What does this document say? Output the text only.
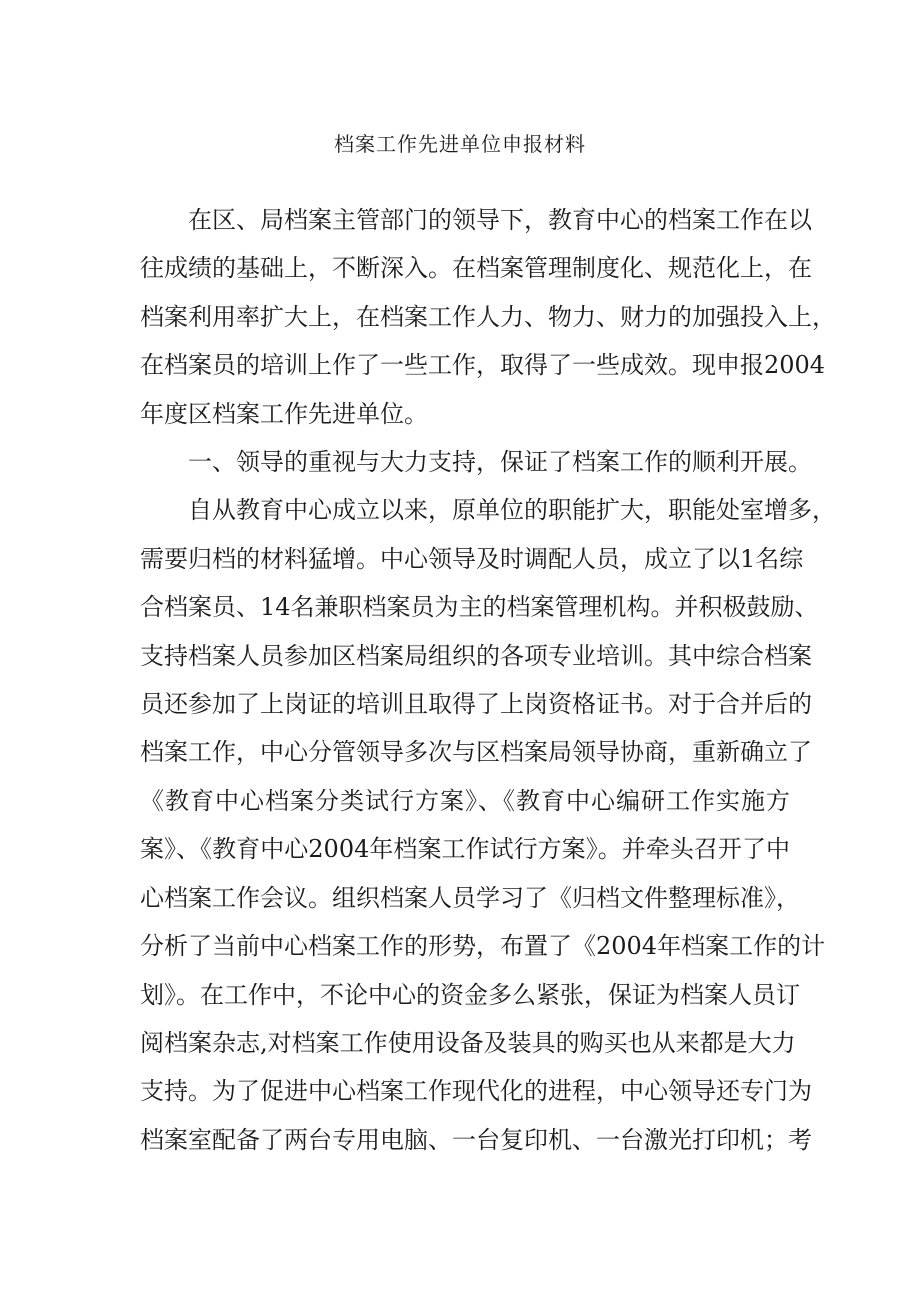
档案工作先进单位申报材料
在区、局档案主管部门的领导下，教育中心的档案工作在以
往成绩的基础上，不断深入。在档案管理制度化、规范化上，在
档案利用率扩大上，在档案工作人力、物力、财力的加强投入上，
在档案员的培训上作了一些工作，取得了一些成效。现申报2004
年度区档案工作先进单位。
一、领导的重视与大力支持，保证了档案工作的顺利开展。
自从教育中心成立以来，原单位的职能扩大，职能处室增多，
需要归档的材料猛增。中心领导及时调配人员，成立了以1名综
合档案员、14名兼职档案员为主的档案管理机构。并积极鼓励、
支持档案人员参加区档案局组织的各项专业培训。其中综合档案
员还参加了上岗证的培训且取得了上岗资格证书。对于合并后的
档案工作，中心分管领导多次与区档案局领导协商，重新确立了
《教育中心档案分类试行方案》、《教育中心编研工作实施方
案》、《教育中心2004年档案工作试行方案》。并牵头召开了中
心档案工作会议。组织档案人员学习了《归档文件整理标准》，
分析了当前中心档案工作的形势，布置了《2004年档案工作的计
划》。在工作中，不论中心的资金多么紧张，保证为档案人员订
阅档案杂志,对档案工作使用设备及装具的购买也从来都是大力
支持。为了促进中心档案工作现代化的进程，中心领导还专门为
档案室配备了两台专用电脑、一台复印机、一台激光打印机；考
